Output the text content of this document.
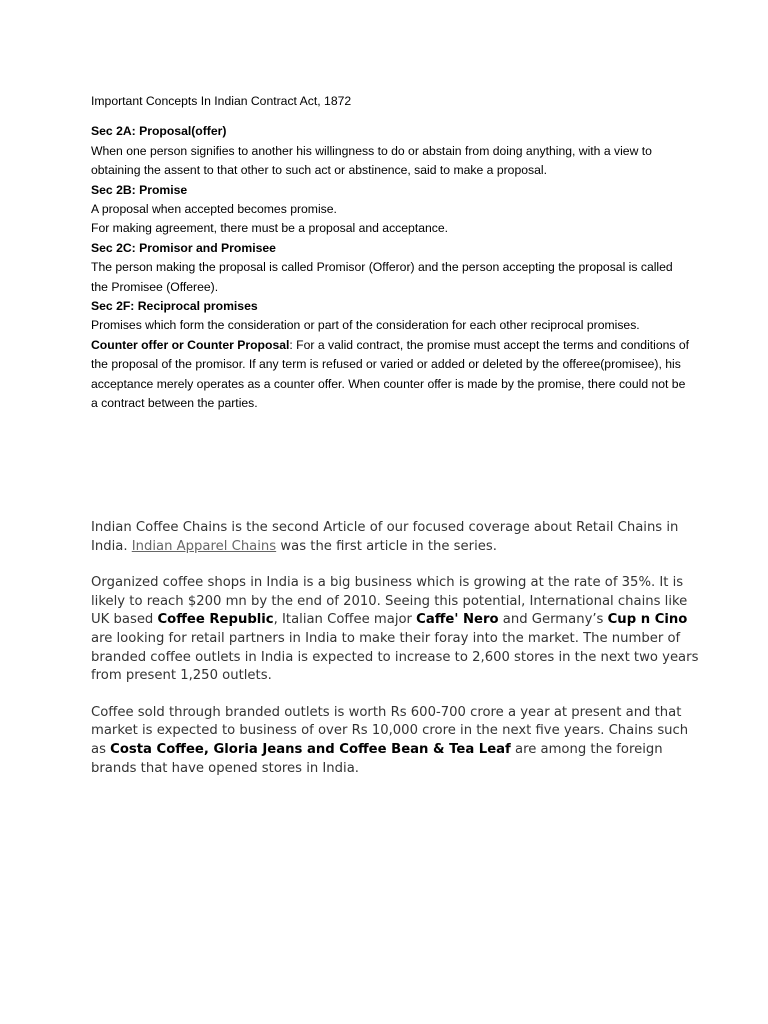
Important Concepts In Indian Contract Act, 1872

Sec 2A: Proposal(offer)

When one person signifies to another his willingness to do or abstain from doing anything, with a view to obtaining the assent to that other to such act or abstinence, said to make a proposal.

Sec 2B: Promise

A proposal when accepted becomes promise.

For making agreement, there must be a proposal and acceptance.

Sec 2C: Promisor and Promisee

The person making the proposal is called Promisor (Offeror) and the person accepting the proposal is called the Promisee (Offeree).

Sec 2F: Reciprocal promises

Promises which form the consideration or part of the consideration for each other reciprocal promises.

Counter offer or Counter Proposal: For a valid contract, the promise must accept the terms and conditions of the proposal of the promisor. If any term is refused or varied or added or deleted by the offeree(promisee), his acceptance merely operates as a counter offer. When counter offer is made by the promise, there could not be a contract between the parties.

Indian Coffee Chains is the second Article of our focused coverage about Retail Chains in India. Indian Apparel Chains was the first article in the series.

Organized coffee shops in India is a big business which is growing at the rate of 35%. It is likely to reach $200 mn by the end of 2010. Seeing this potential, International chains like UK based Coffee Republic, Italian Coffee major Caffe' Nero and Germany’s Cup n Cino are looking for retail partners in India to make their foray into the market. The number of branded coffee outlets in India is expected to increase to 2,600 stores in the next two years from present 1,250 outlets.

Coffee sold through branded outlets is worth Rs 600-700 crore a year at present and that market is expected to business of over Rs 10,000 crore in the next five years. Chains such as Costa Coffee, Gloria Jeans and Coffee Bean & Tea Leaf are among the foreign brands that have opened stores in India.
